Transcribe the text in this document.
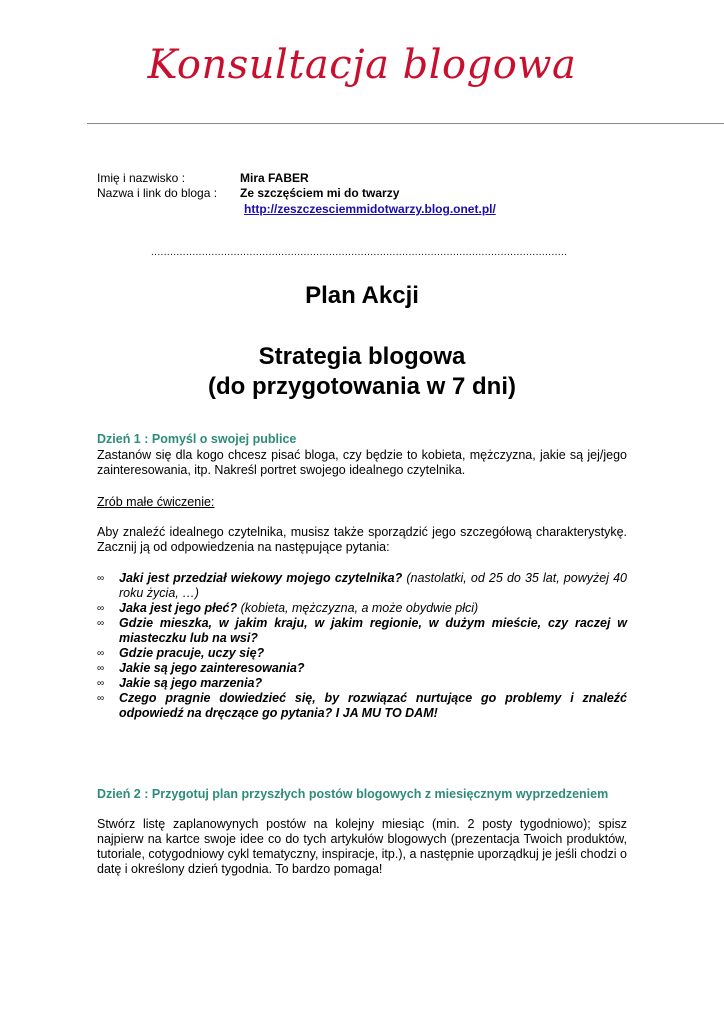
Konsultacja blogowa
Imię i nazwisko :	Mira FABER
Nazwa i link do bloga : Ze szczęściem mi do twarzy
http://zeszczesciemmidotwarzy.blog.onet.pl/
...................................................................................................................................
Plan Akcji
Strategia blogowa
(do przygotowania w 7 dni)
Dzień 1 : Pomyśl o swojej publice
Zastanów się dla kogo chcesz pisać bloga, czy będzie to kobieta, mężczyzna, jakie są jej/jego zainteresowania, itp. Nakreśl portret swojego idealnego czytelnika.
Zrób małe ćwiczenie:
Aby znaleźć idealnego czytelnika, musisz także sporządzić jego szczegółową charakterystykę. Zacznij ją od odpowiedzenia na następujące pytania:
∞ Jaki jest przedział wiekowy mojego czytelnika? (nastolatki, od 25 do 35 lat, powyżej 40 roku życia, …)
∞ Jaka jest jego płeć? (kobieta, mężczyzna, a może obydwie płci)
∞ Gdzie mieszka, w jakim kraju, w jakim regionie, w dużym mieście, czy raczej w miasteczku lub na wsi?
∞ Gdzie pracuje, uczy się?
∞ Jakie są jego zainteresowania?
∞ Jakie są jego marzenia?
∞ Czego pragnie dowiedzieć się, by rozwiązać nurtujące go problemy i znaleźć odpowiedź na dręczące go pytania? I JA MU TO DAM!
Dzień 2 : Przygotuj plan przyszłych postów blogowych z miesięcznym wyprzedzeniem
Stwórz listę zaplanowynych postów na kolejny miesiąc (min. 2 posty tygodniowo); spisz najpierw na kartce swoje idee co do tych artykułów blogowych (prezentacja Twoich produktów, tutoriale, cotygodniowy cykl tematyczny, inspiracje, itp.), a następnie uporządkuj je jeśli chodzi o datę i określony dzień tygodnia. To bardzo pomaga!
